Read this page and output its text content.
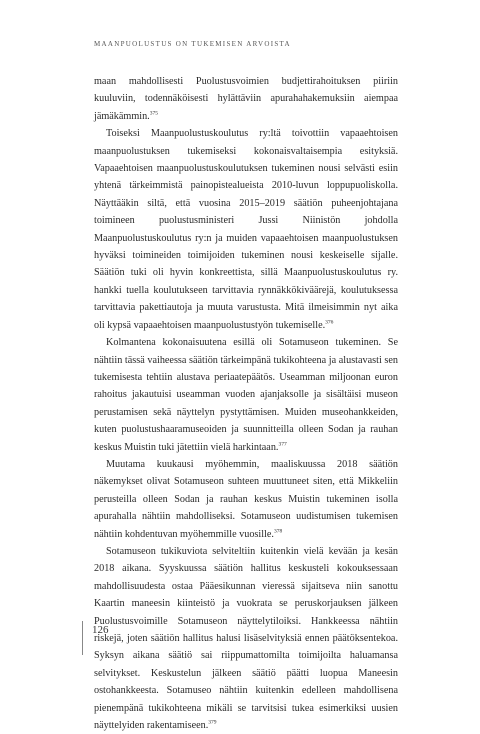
MAANPUOLUSTUS ON TUKEMISEN ARVOISTA

maan mahdollisesti Puolustusvoimien budjettirahoituksen piiriin kuuluviin, todennäköisesti hylättäviin apurahahakemuksiin aiempaa jämäkämmin.$^{375}$

Toiseksi Maanpuolustuskoulutus ry:ltä toivottiin vapaaehtoisen maanpuolustuksen tukemiseksi kokonaisvaltaisempia esityksiä. Vapaaehtoisen maanpuolustuskoulutuksen tukeminen nousi selvästi esiin yhtenä tärkeimmistä painopistealueista 2010-luvun loppupuoliskolla. Näyttääkin siltä, että vuosina 2015–2019 säätiön puheenjohtajana toimineen puolustusministeri Jussi Niinistön johdolla Maanpuolustuskoulutus ry:n ja muiden vapaaehtoisen maanpuolustuksen hyväksi toimineiden toimijoiden tukeminen nousi keskeiselle sijalle. Säätiön tuki oli hyvin konkreettista, sillä Maanpuolustuskoulutus ry. hankki tuella koulutukseen tarvittavia rynnäkkökiväärejä, koulutuksessa tarvittavia pakettiautoja ja muuta varustusta. Mitä ilmeisimmin nyt aika oli kypsä vapaaehtoisen maanpuolustustyön tukemiselle.$^{376}$

Kolmantena kokonaisuutena esillä oli Sotamuseon tukeminen. Se nähtiin tässä vaiheessa säätiön tärkeimpänä tukikohteena ja alustavasti sen tukemisesta tehtiin alustava periaatepäätös. Useamman miljoonan euron rahoitus jakautuisi useamman vuoden ajanjaksolle ja sisältäisi museon perustamisen sekä näyttelyn pystyttämisen. Muiden museohankkeiden, kuten puolustushaaramuseoiden ja suunnitteilla olleen Sodan ja rauhan keskus Muistin tuki jätettiin vielä harkintaan.$^{377}$

Muutama kuukausi myöhemmin, maaliskuussa 2018 säätiön näkemykset olivat Sotamuseon suhteen muuttuneet siten, että Mikkeliin perusteilla olleen Sodan ja rauhan keskus Muistin tukeminen isolla apurahalla nähtiin mahdolliseksi. Sotamuseon uudistumisen tukemisen nähtiin kohdentuvan myöhemmille vuosille.$^{378}$

Sotamuseon tukikuviota selviteltiin kuitenkin vielä kevään ja kesän 2018 aikana. Syyskuussa säätiön hallitus keskusteli kokouksessaan mahdollisuudesta ostaa Pääesikunnan vieressä sijaitseva niin sanottu Kaartin maneesin kiinteistö ja vuokrata se peruskorjauksen jälkeen Puolustusvoimille Sotamuseon näyttelytiloiksi. Hankkeessa nähtiin riskejä, joten säätiön hallitus halusi lisäselvityksiä ennen päätöksentekoa. Syksyn aikana säätiö sai riippumattomilta toimijoilta haluamansa selvitykset. Keskustelun jälkeen säätiö päätti luopua Maneesin ostohankkeesta. Sotamuseo nähtiin kuitenkin edelleen mahdollisena pienempänä tukikohteena mikäli se tarvitsisi tukea esimerkiksi uusien näyttelyiden rakentamiseen.$^{379}$

126
